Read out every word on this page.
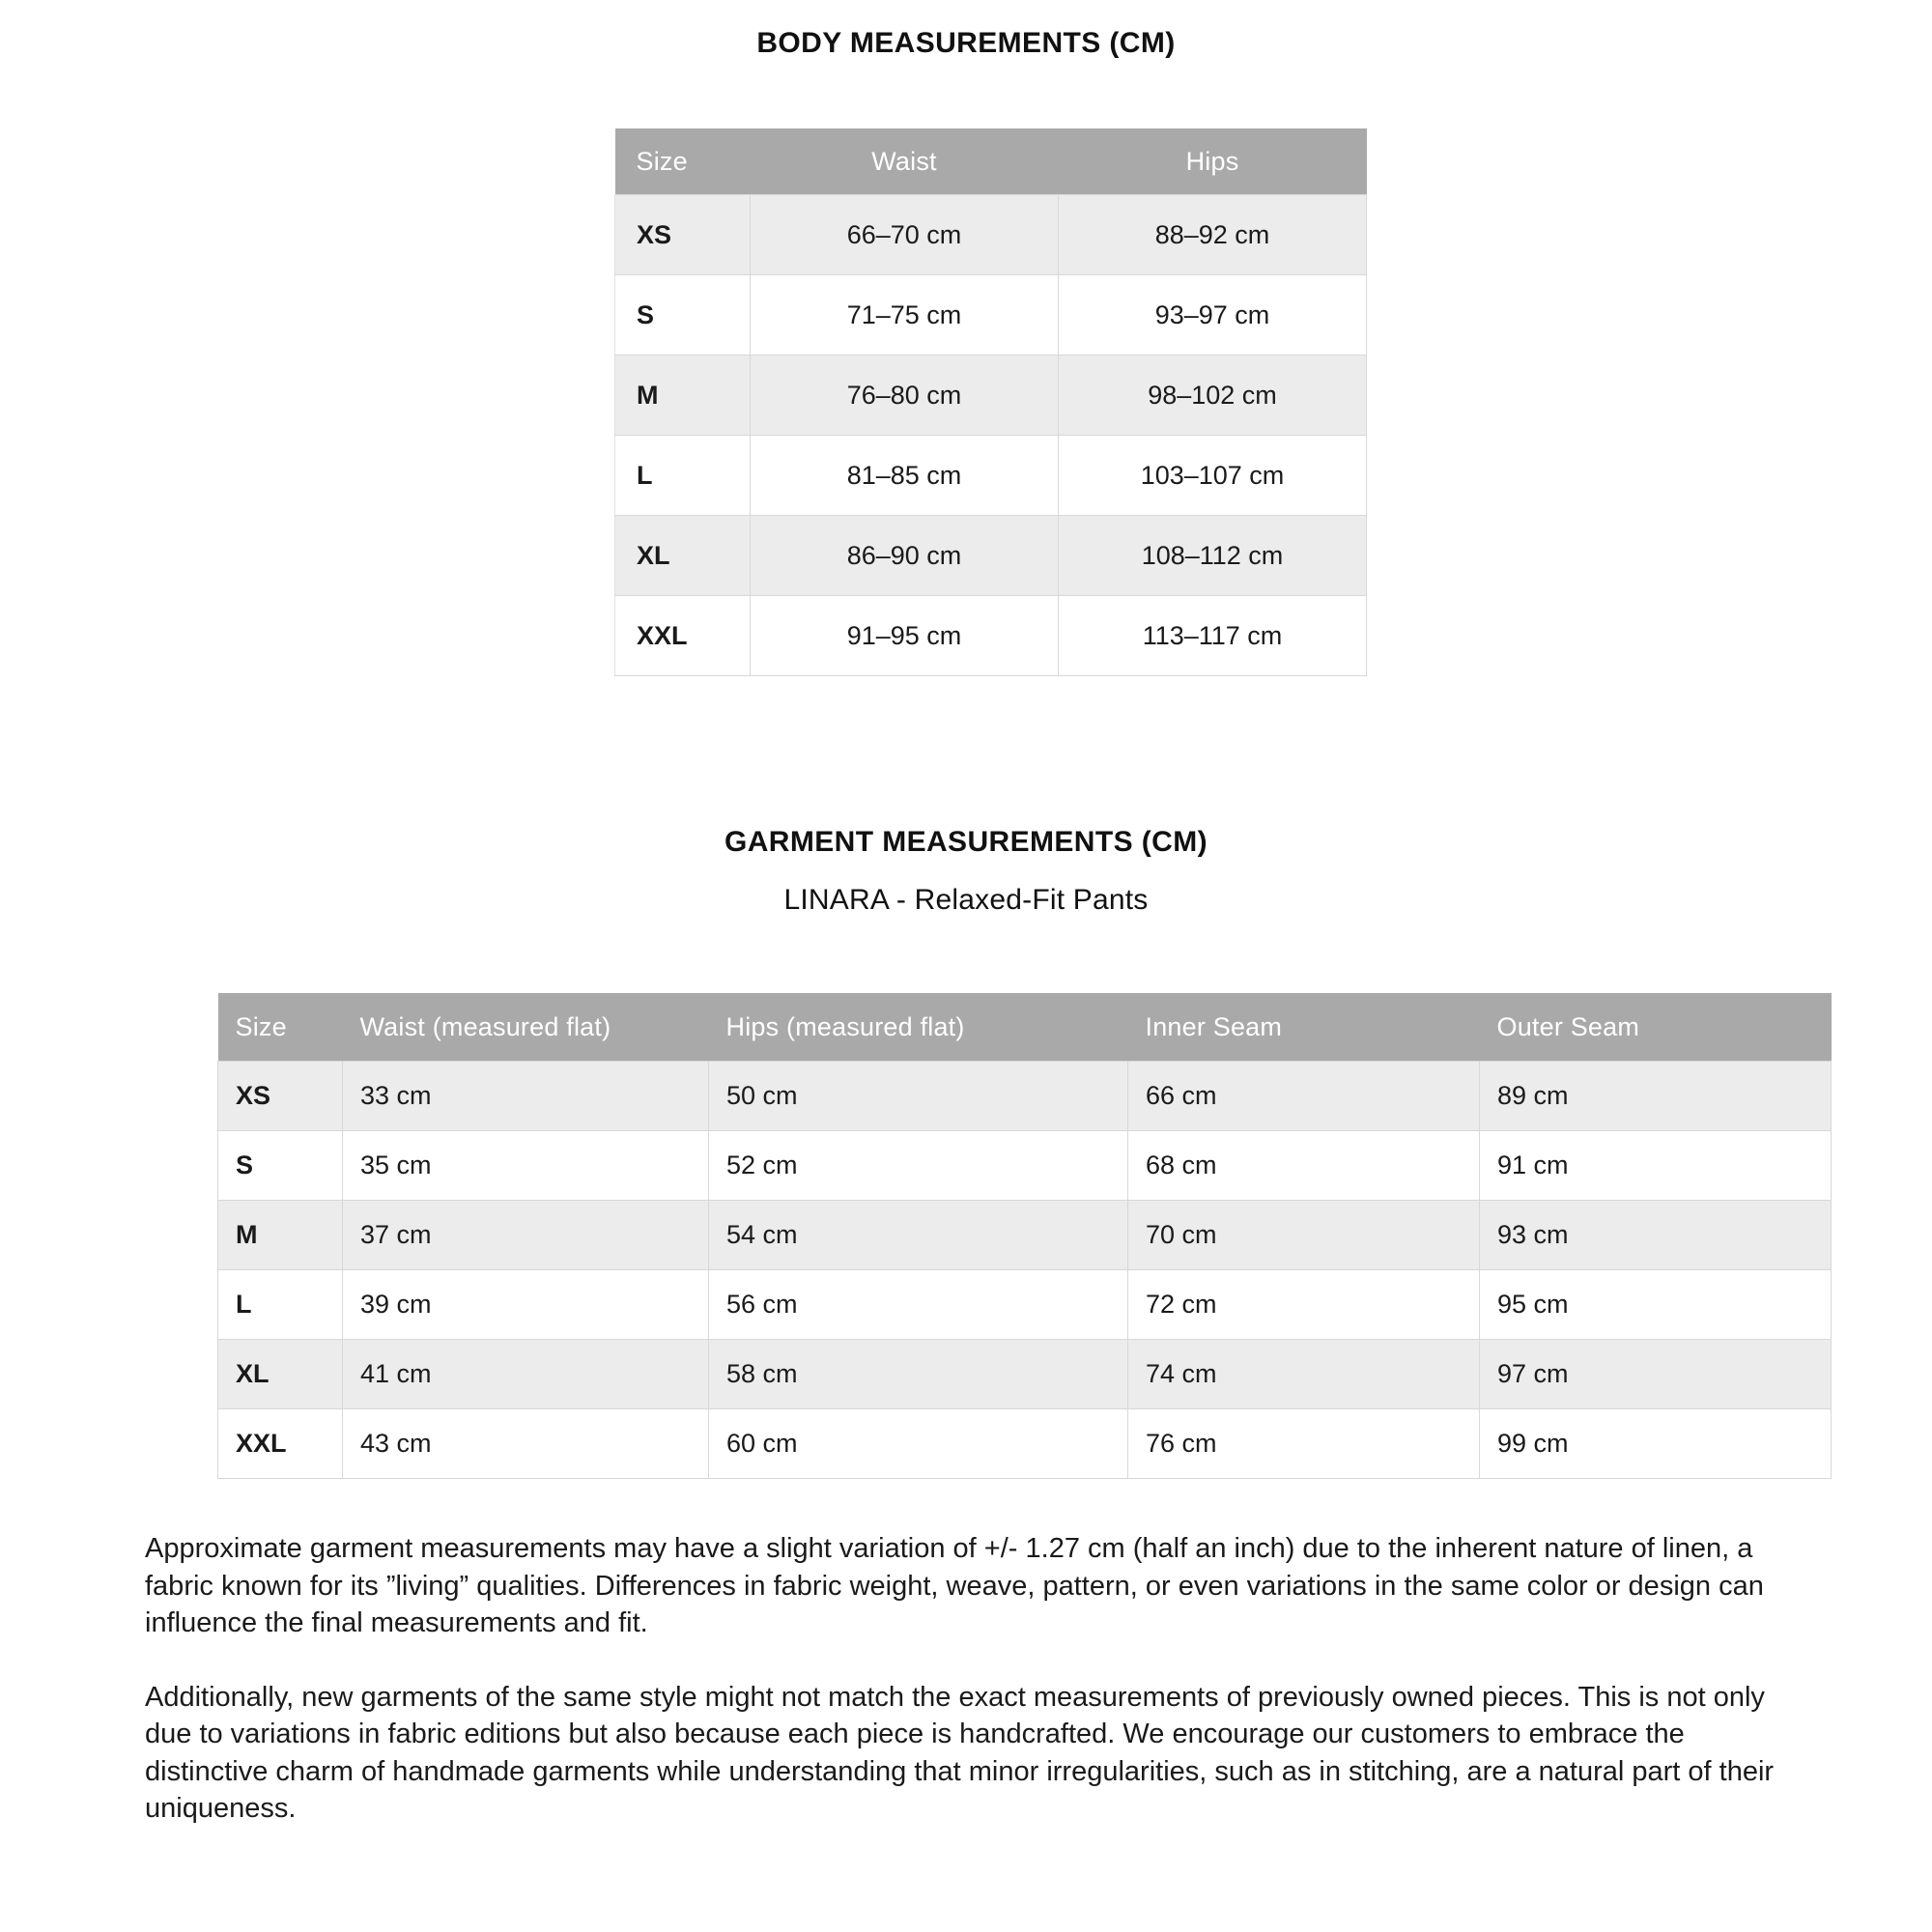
BODY MEASUREMENTS (CM)
Size	Waist	Hips
XS	66–70 cm	88–92 cm
S	71–75 cm	93–97 cm
M	76–80 cm	98–102 cm
L	81–85 cm	103–107 cm
XL	86–90 cm	108–112 cm
XXL	91–95 cm	113–117 cm
GARMENT MEASUREMENTS (CM)
LINARA - Relaxed-Fit Pants
Size	Waist (measured flat)	Hips (measured flat)	Inner Seam	Outer Seam
XS	33 cm	50 cm	66 cm	89 cm
S	35 cm	52 cm	68 cm	91 cm
M	37 cm	54 cm	70 cm	93 cm
L	39 cm	56 cm	72 cm	95 cm
XL	41 cm	58 cm	74 cm	97 cm
XXL	43 cm	60 cm	76 cm	99 cm

Approximate garment measurements may have a slight variation of +/- 1.27 cm (half an inch) due to the inherent nature of linen, a fabric known for its ”living” qualities. Differences in fabric weight, weave, pattern, or even variations in the same color or design can influence the final measurements and fit.

Additionally, new garments of the same style might not match the exact measurements of previously owned pieces. This is not only due to variations in fabric editions but also because each piece is handcrafted. We encourage our customers to embrace the distinctive charm of handmade garments while understanding that minor irregularities, such as in stitching, are a natural part of their uniqueness.
